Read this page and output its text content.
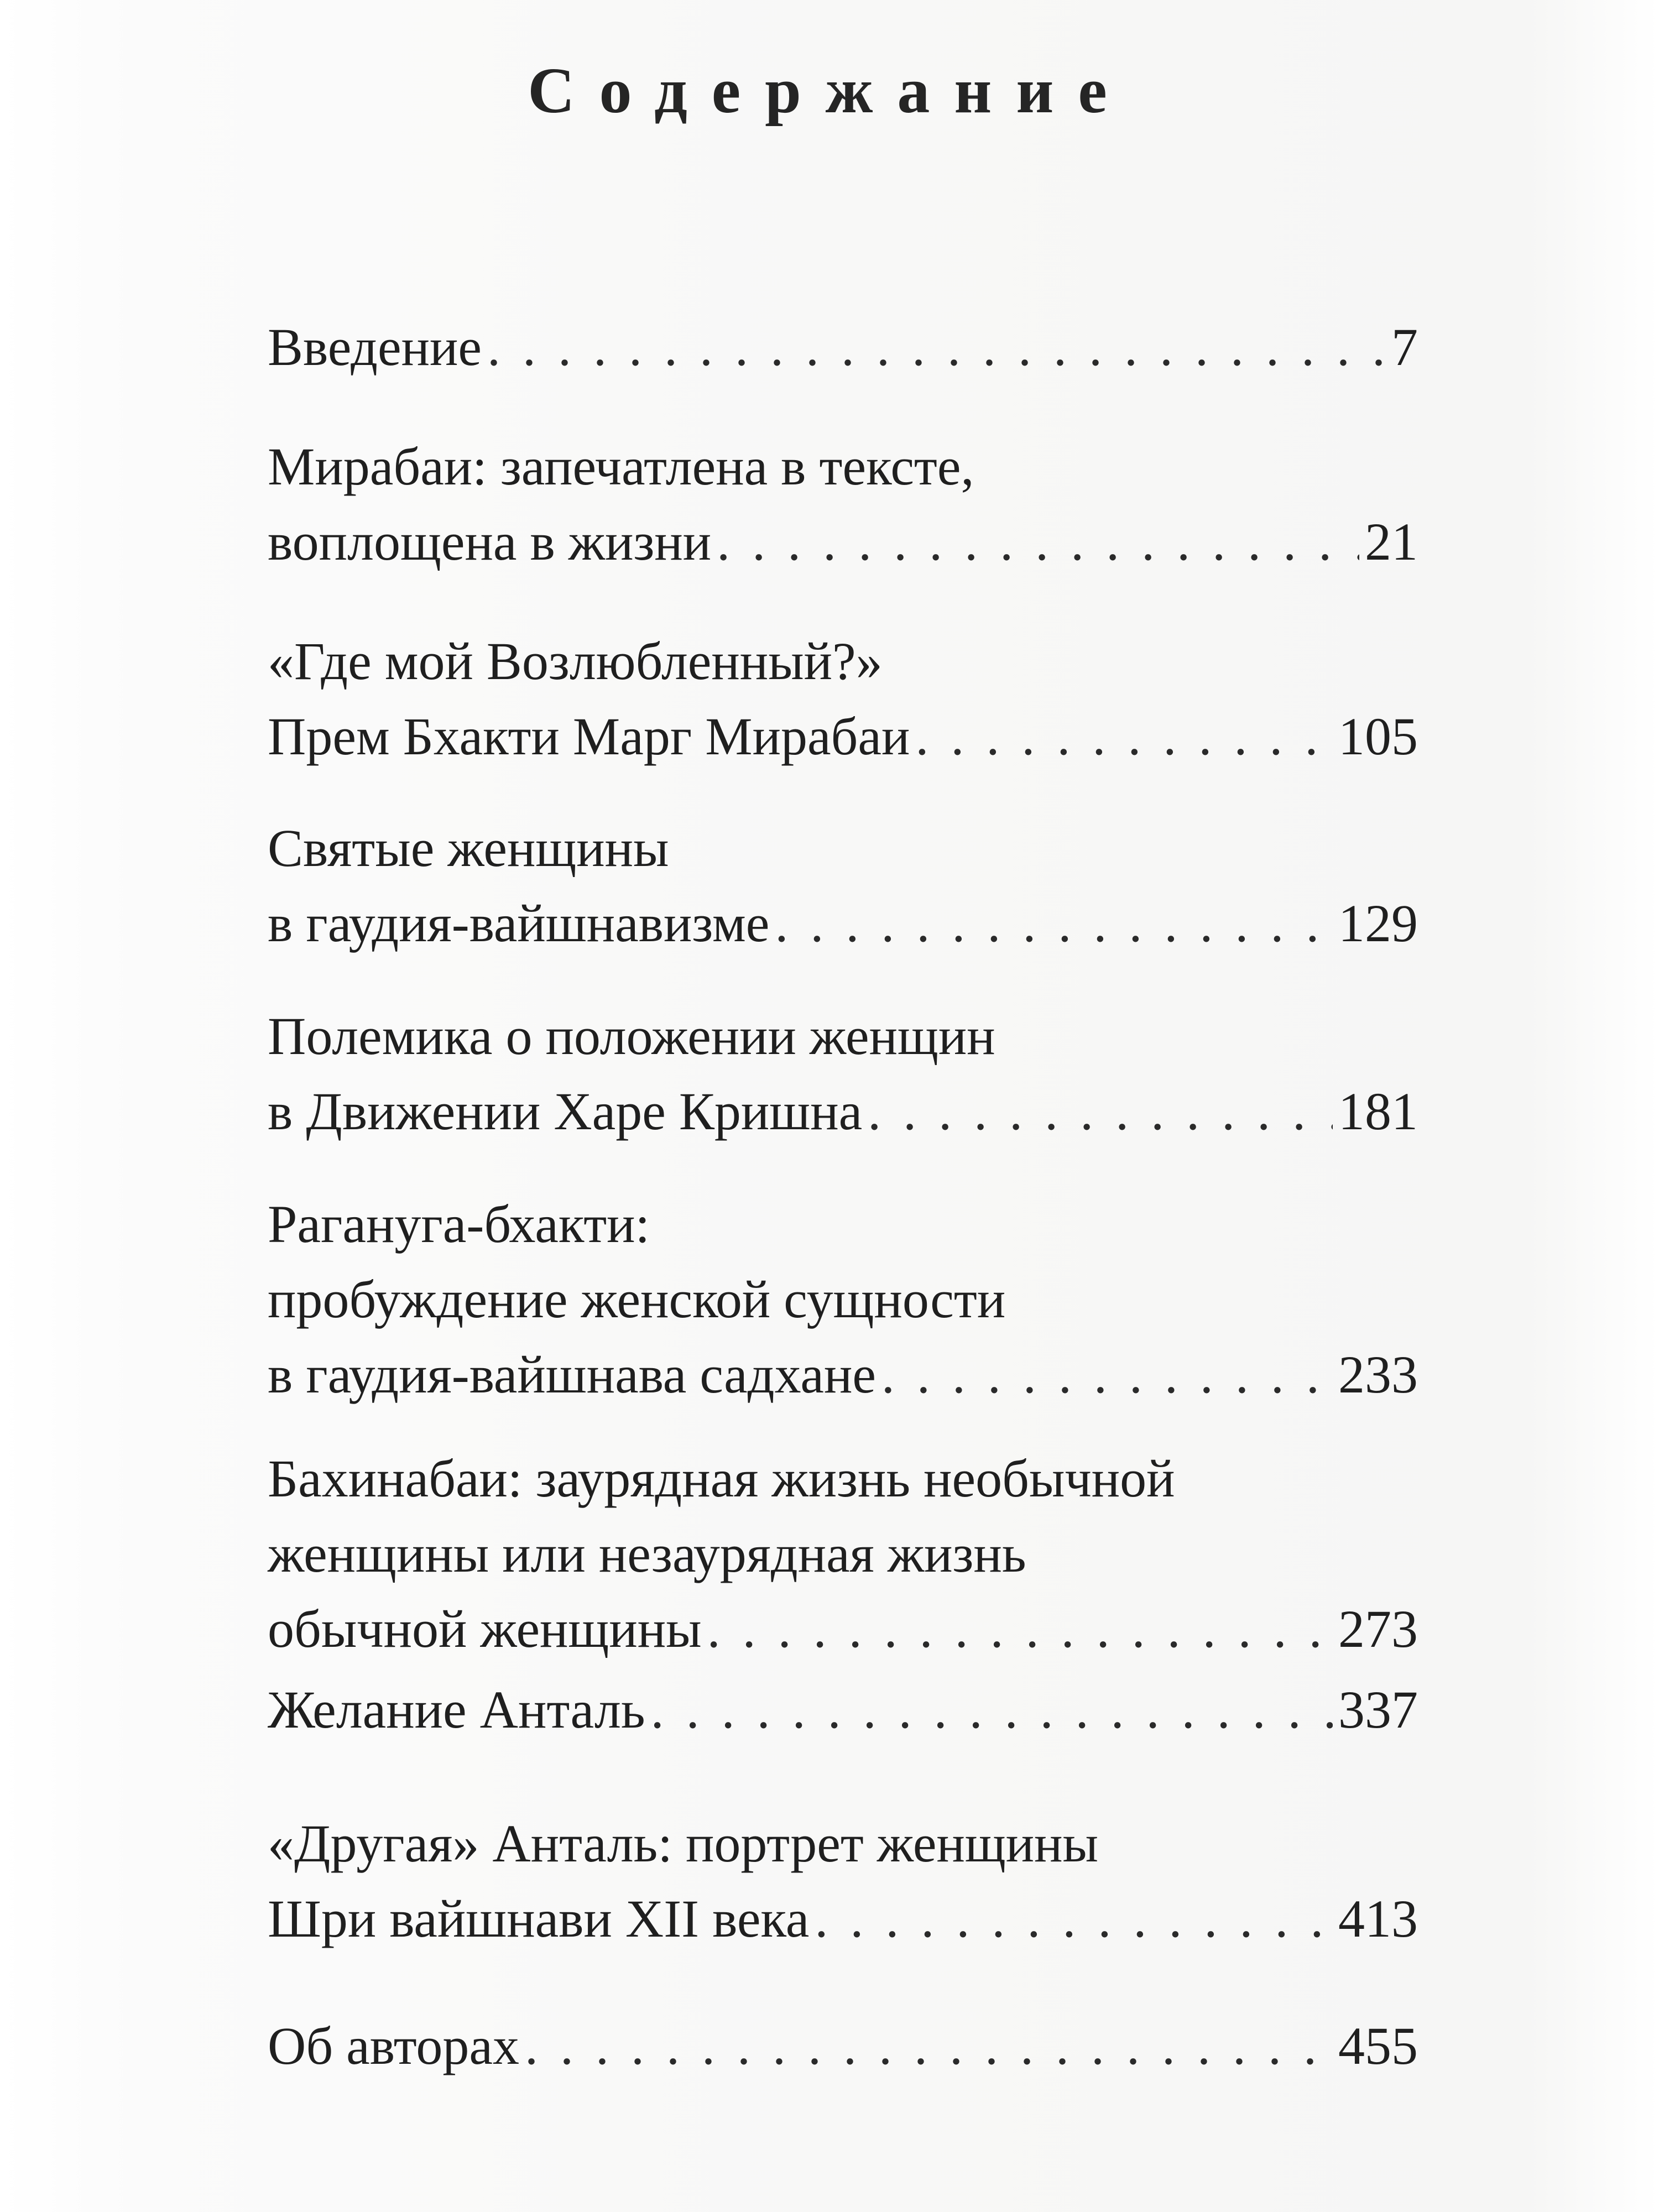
Содержание
Введение . . .	7
Мирабаи: запечатлена в тексте,
воплощена в жизни . . .	21
«Где мой Возлюбленный?»
Прем Бхакти Марг Мирабаи . . .	105
Святые женщины
в гаудия-вайшнавизме . . .	129
Полемика о положении женщин
в Движении Харе Кришна . . .	181
Рагануга-бхакти:
пробуждение женской сущности
в гаудия-вайшнава садхане . . .	233
Бахинабаи: заурядная жизнь необычной
женщины или незаурядная жизнь
обычной женщины . . .	273
Желание Анталь . . .	337
«Другая» Анталь: портрет женщины
Шри вайшнави XII века . . .	413
Об авторах . . .	455
